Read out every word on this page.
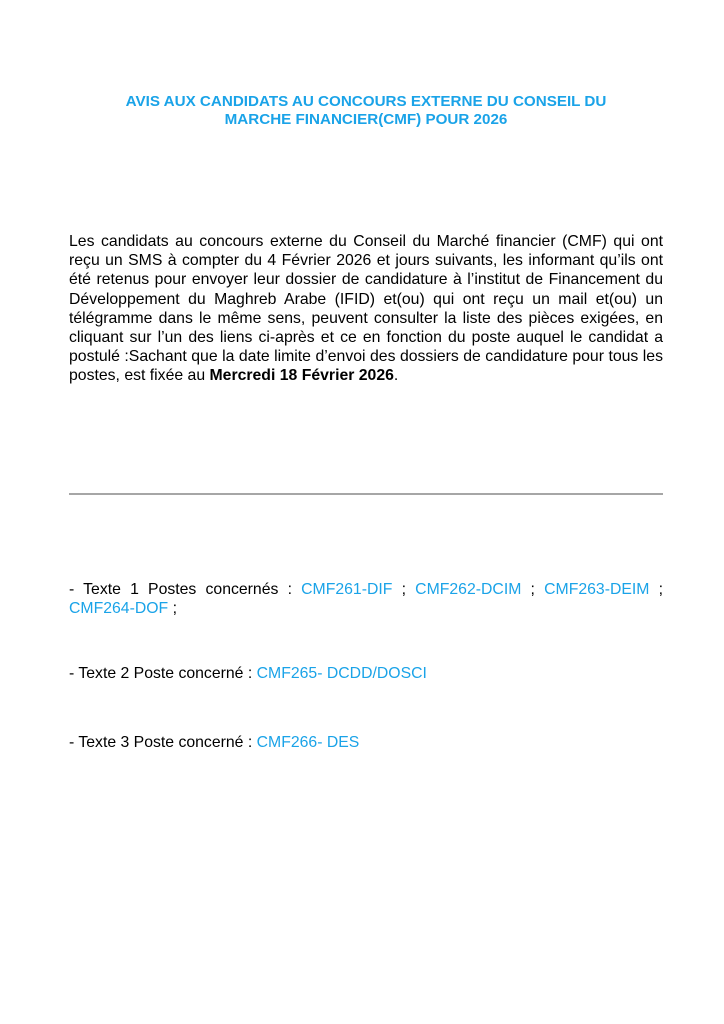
AVIS AUX CANDIDATS AU CONCOURS EXTERNE DU CONSEIL DU
MARCHE FINANCIER(CMF) POUR 2026

Les candidats au concours externe du Conseil du Marché financier (CMF) qui ont reçu un SMS à compter du 4 Février 2026 et jours suivants, les informant qu’ils ont été retenus pour envoyer leur dossier de candidature à l’institut de Financement du Développement du Maghreb Arabe (IFID) et(ou) qui ont reçu un mail et(ou) un télégramme dans le même sens, peuvent consulter la liste des pièces exigées, en cliquant sur l’un des liens ci-après et ce en fonction du poste auquel le candidat a postulé :Sachant que la date limite d’envoi des dossiers de candidature pour tous les postes, est fixée au Mercredi 18 Février 2026.

- Texte 1 Postes concernés : CMF261-DIF ; CMF262-DCIM ; CMF263-DEIM ; CMF264-DOF ;

- Texte 2 Poste concerné : CMF265- DCDD/DOSCI

- Texte 3 Poste concerné : CMF266- DES
